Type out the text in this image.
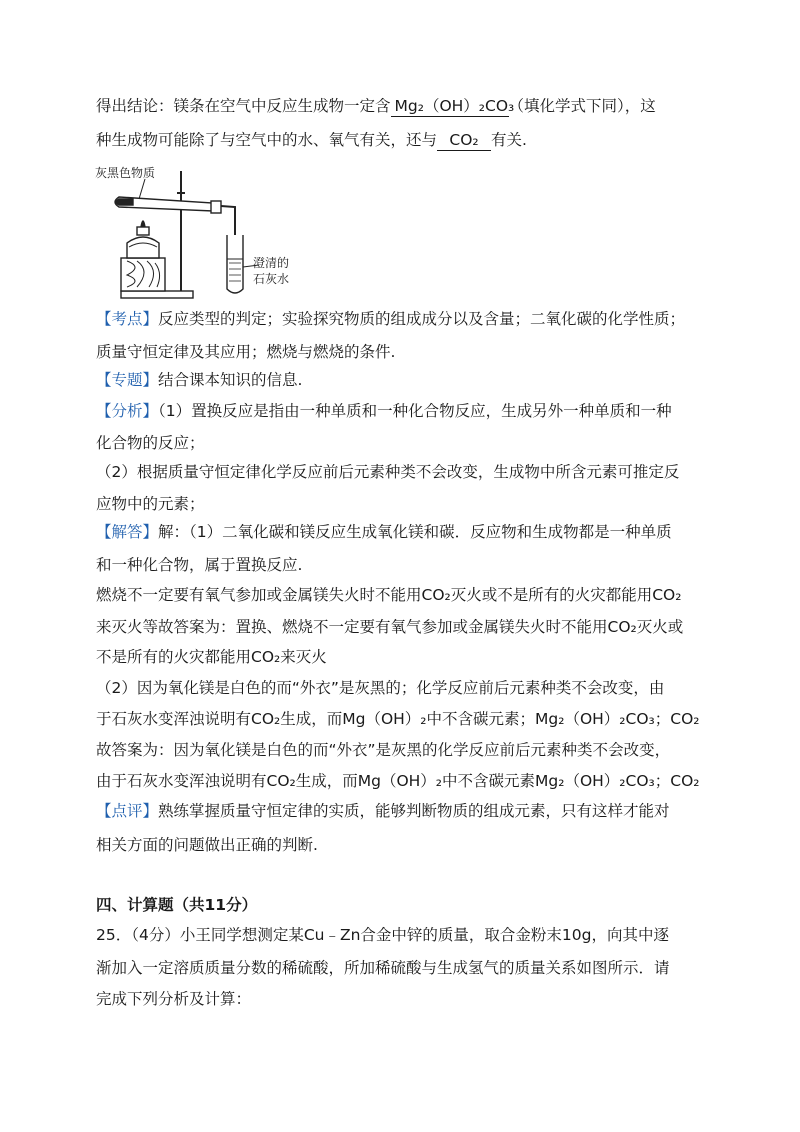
得出结论：镁条在空气中反应生成物一定含 Mg₂（OH）₂CO₃（填化学式下同），这
种生成物可能除了与空气中的水、氧气有关，还与 CO₂ 有关.
灰黑色物质
澄清的
石灰水
【考点】反应类型的判定；实验探究物质的组成成分以及含量；二氧化碳的化学性质；
质量守恒定律及其应用；燃烧与燃烧的条件.
【专题】结合课本知识的信息.
【分析】（1）置换反应是指由一种单质和一种化合物反应，生成另外一种单质和一种
化合物的反应；
（2）根据质量守恒定律化学反应前后元素种类不会改变，生成物中所含元素可推定反
应物中的元素；
【解答】解：（1）二氧化碳和镁反应生成氧化镁和碳．反应物和生成物都是一种单质
和一种化合物，属于置换反应.
燃烧不一定要有氧气参加或金属镁失火时不能用CO₂灭火或不是所有的火灾都能用CO₂
来灭火等故答案为：置换、燃烧不一定要有氧气参加或金属镁失火时不能用CO₂灭火或
不是所有的火灾都能用CO₂来灭火
（2）因为氧化镁是白色的而“外衣”是灰黑的；化学反应前后元素种类不会改变，由
于石灰水变浑浊说明有CO₂生成，而Mg（OH）₂中不含碳元素；Mg₂（OH）₂CO₃；CO₂
故答案为：因为氧化镁是白色的而“外衣”是灰黑的化学反应前后元素种类不会改变，
由于石灰水变浑浊说明有CO₂生成，而Mg（OH）₂中不含碳元素Mg₂（OH）₂CO₃；CO₂
【点评】熟练掌握质量守恒定律的实质，能够判断物质的组成元素，只有这样才能对
相关方面的问题做出正确的判断.
四、计算题（共11分）
25．（4分）小王同学想测定某Cu﹣Zn合金中锌的质量，取合金粉末10g，向其中逐
渐加入一定溶质质量分数的稀硫酸，所加稀硫酸与生成氢气的质量关系如图所示．请
完成下列分析及计算：
